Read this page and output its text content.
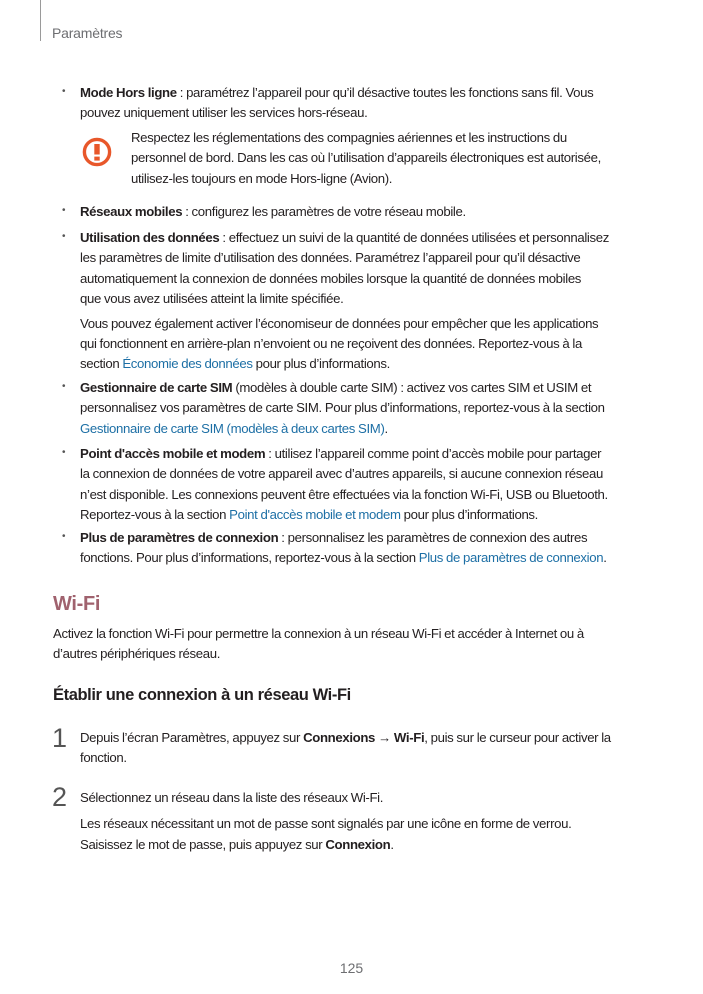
Paramètres
• Mode Hors ligne : paramétrez l’appareil pour qu’il désactive toutes les fonctions sans fil. Vous
pouvez uniquement utiliser les services hors-réseau.
Respectez les réglementations des compagnies aériennes et les instructions du
personnel de bord. Dans les cas où l’utilisation d’appareils électroniques est autorisée,
utilisez-les toujours en mode Hors-ligne (Avion).
• Réseaux mobiles : configurez les paramètres de votre réseau mobile.
• Utilisation des données : effectuez un suivi de la quantité de données utilisées et personnalisez
les paramètres de limite d’utilisation des données. Paramétrez l’appareil pour qu’il désactive
automatiquement la connexion de données mobiles lorsque la quantité de données mobiles
que vous avez utilisées atteint la limite spécifiée.
Vous pouvez également activer l’économiseur de données pour empêcher que les applications
qui fonctionnent en arrière-plan n’envoient ou ne reçoivent des données. Reportez-vous à la
section Économie des données pour plus d’informations.
• Gestionnaire de carte SIM (modèles à double carte SIM) : activez vos cartes SIM et USIM et
personnalisez vos paramètres de carte SIM. Pour plus d’informations, reportez-vous à la section
Gestionnaire de carte SIM (modèles à deux cartes SIM).
• Point d'accès mobile et modem : utilisez l’appareil comme point d’accès mobile pour partager
la connexion de données de votre appareil avec d’autres appareils, si aucune connexion réseau
n’est disponible. Les connexions peuvent être effectuées via la fonction Wi-Fi, USB ou Bluetooth.
Reportez-vous à la section Point d'accès mobile et modem pour plus d’informations.
• Plus de paramètres de connexion : personnalisez les paramètres de connexion des autres
fonctions. Pour plus d’informations, reportez-vous à la section Plus de paramètres de connexion.
Wi-Fi
Activez la fonction Wi-Fi pour permettre la connexion à un réseau Wi-Fi et accéder à Internet ou à
d’autres périphériques réseau.
Établir une connexion à un réseau Wi-Fi
1 Depuis l’écran Paramètres, appuyez sur Connexions → Wi-Fi, puis sur le curseur pour activer la
fonction.
2 Sélectionnez un réseau dans la liste des réseaux Wi-Fi.
Les réseaux nécessitant un mot de passe sont signalés par une icône en forme de verrou.
Saisissez le mot de passe, puis appuyez sur Connexion.
125
